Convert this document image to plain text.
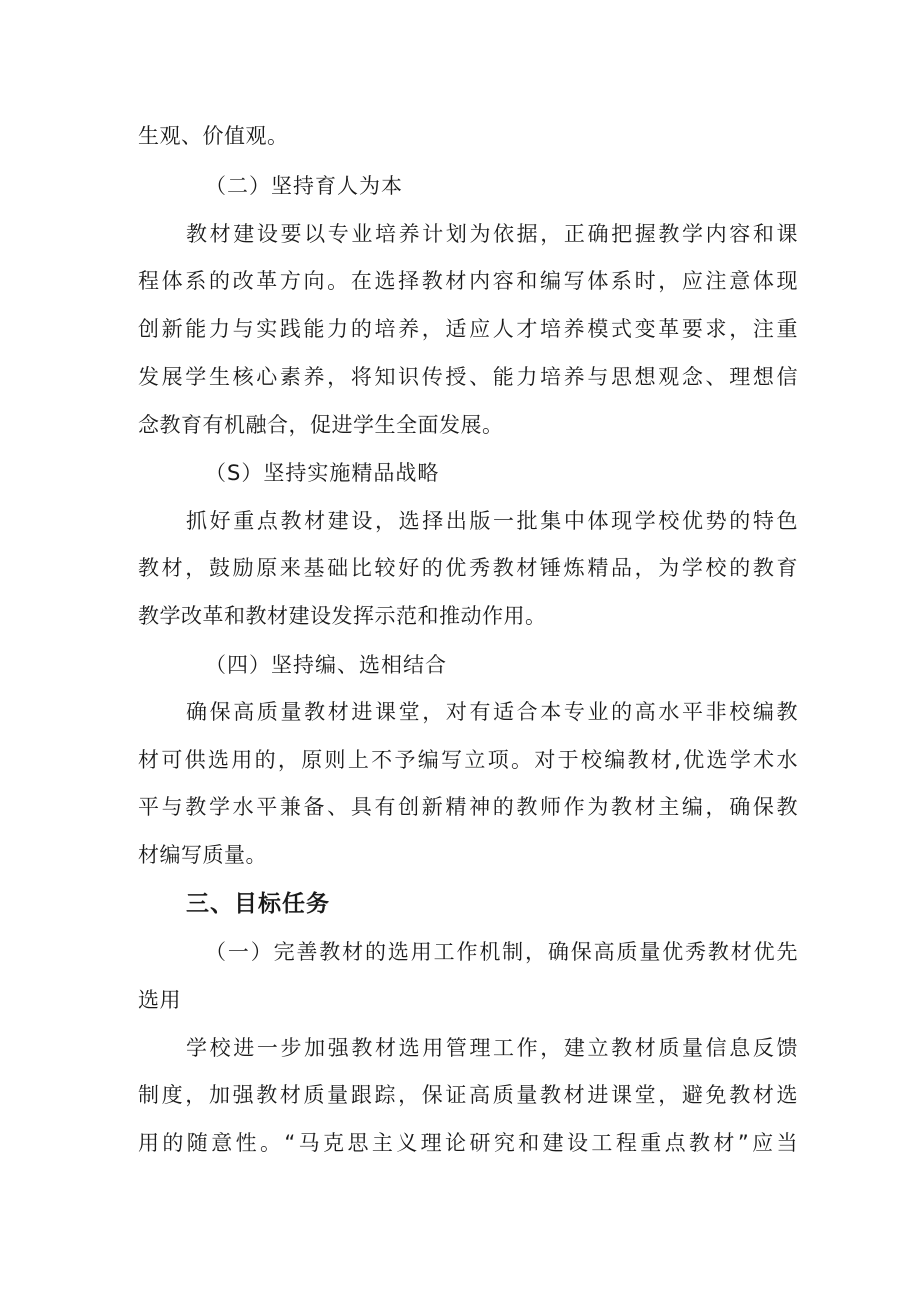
生观、价值观。
（二）坚持育人为本
教材建设要以专业培养计划为依据，正确把握教学内容和课
程体系的改革方向。在选择教材内容和编写体系时，应注意体现
创新能力与实践能力的培养，适应人才培养模式变革要求，注重
发展学生核心素养，将知识传授、能力培养与思想观念、理想信
念教育有机融合，促进学生全面发展。
（S）坚持实施精品战略
抓好重点教材建设，选择出版一批集中体现学校优势的特色
教材，鼓励原来基础比较好的优秀教材锤炼精品，为学校的教育
教学改革和教材建设发挥示范和推动作用。
（四）坚持编、选相结合
确保高质量教材进课堂，对有适合本专业的高水平非校编教
材可供选用的，原则上不予编写立项。对于校编教材,优选学术水
平与教学水平兼备、具有创新精神的教师作为教材主编，确保教
材编写质量。
三、目标任务
（一）完善教材的选用工作机制，确保高质量优秀教材优先
选用
学校进一步加强教材选用管理工作，建立教材质量信息反馈
制度，加强教材质量跟踪，保证高质量教材进课堂，避免教材选
用的随意性。“马克思主义理论研究和建设工程重点教材”应当
